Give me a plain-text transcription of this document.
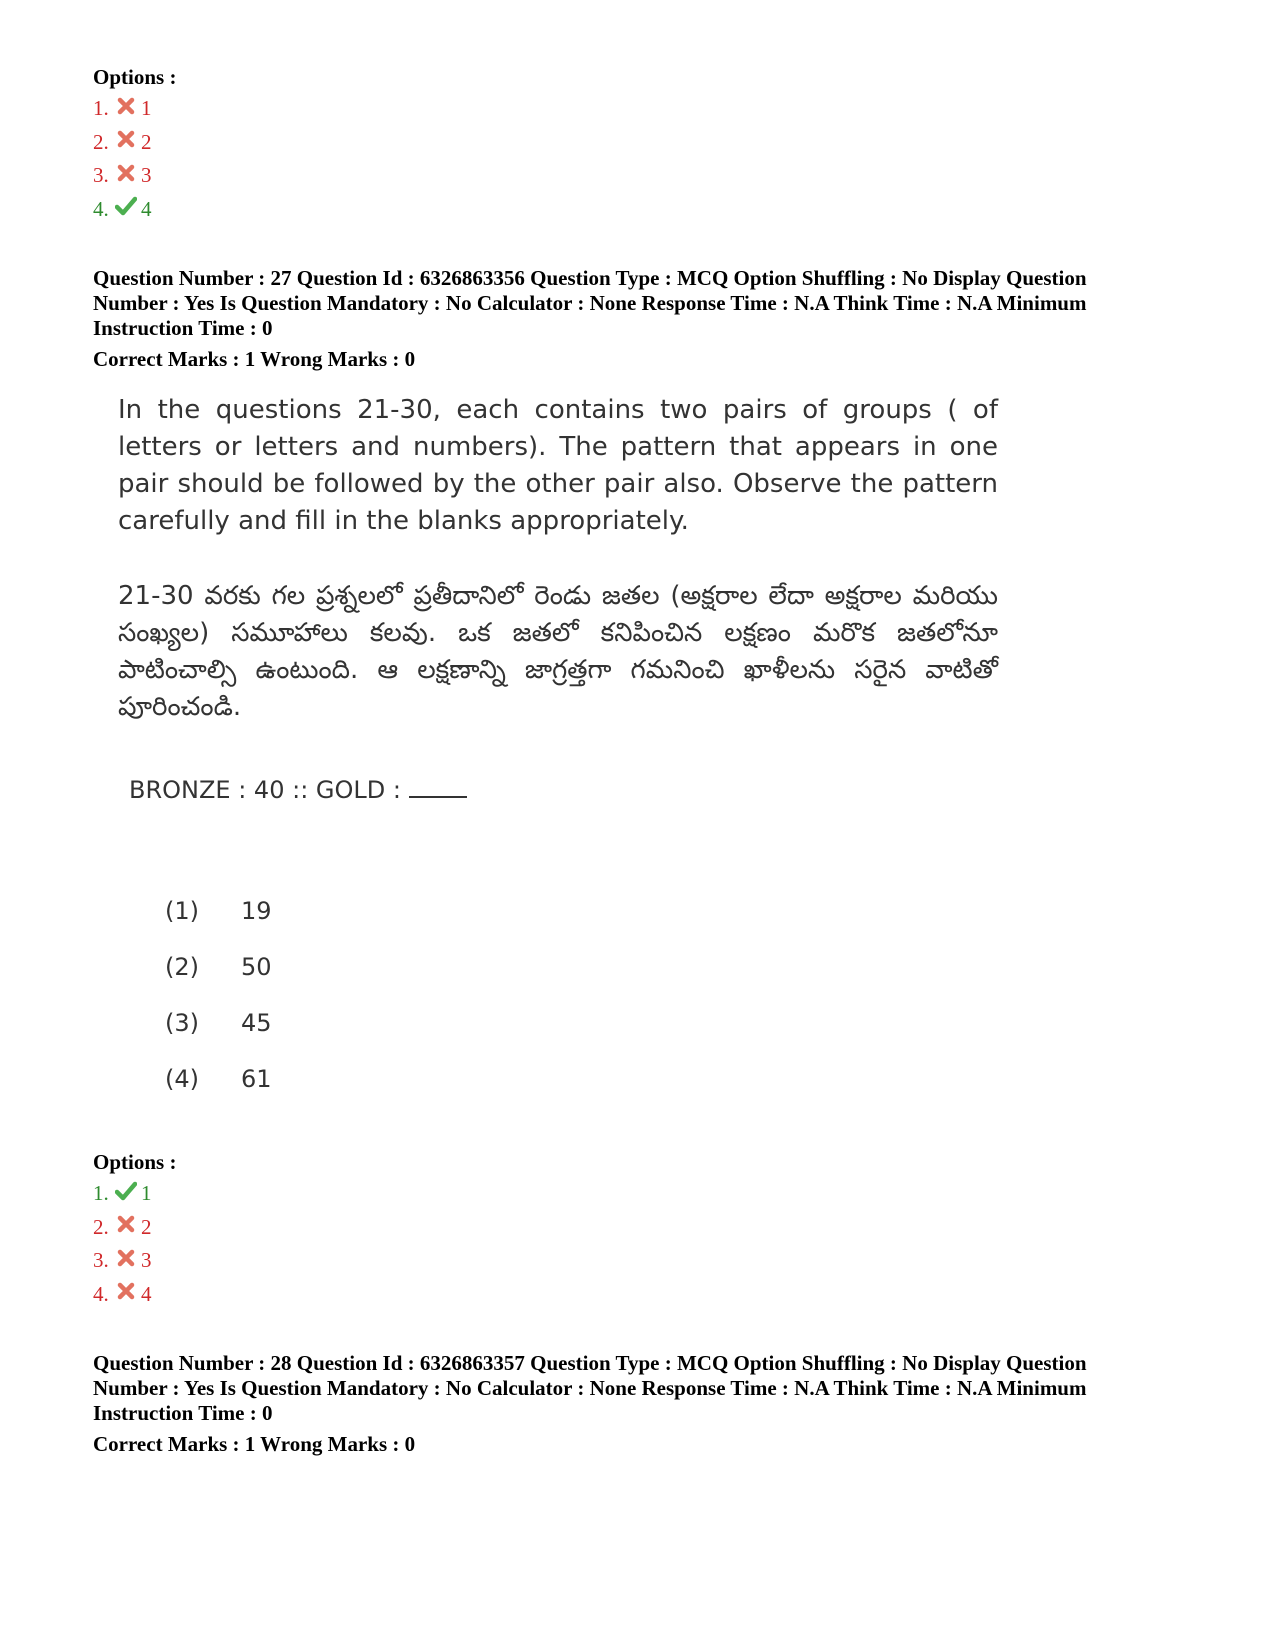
Options :

1. 1
2. 2
3. 3
4. 4

Question Number : 27 Question Id : 6326863356 Question Type : MCQ Option Shuffling : No Display Question

Number : Yes Is Question Mandatory : No Calculator : None Response Time : N.A Think Time : N.A Minimum

Instruction Time : 0

Correct Marks : 1 Wrong Marks : 0

In the questions 21-30, each contains two pairs of groups ( of letters or letters and numbers). The pattern that appears in one pair should be followed by the other pair also. Observe the pattern carefully and fill in the blanks appropriately.

21-30 వరకు గల ప్రశ్నలలో ప్రతీదానిలో రెండు జతల (అక్షరాల లేదా అక్షరాల మరియు సంఖ్యల) సమూహాలు కలవు. ఒక జతలో కనిపించిన లక్షణం మరొక జతలోనూ పాటించాల్సి ఉంటుంది. ఆ లక్షణాన్ని జాగ్రత్తగా గమనించి ఖాళీలను సరైన వాటితో పూరించండి.

BRONZE : 40 :: GOLD :

(1)	19
(2)	50
(3)	45
(4)	61

Options :

1. 1
2. 2
3. 3
4. 4

Question Number : 28 Question Id : 6326863357 Question Type : MCQ Option Shuffling : No Display Question

Number : Yes Is Question Mandatory : No Calculator : None Response Time : N.A Think Time : N.A Minimum

Instruction Time : 0

Correct Marks : 1 Wrong Marks : 0
